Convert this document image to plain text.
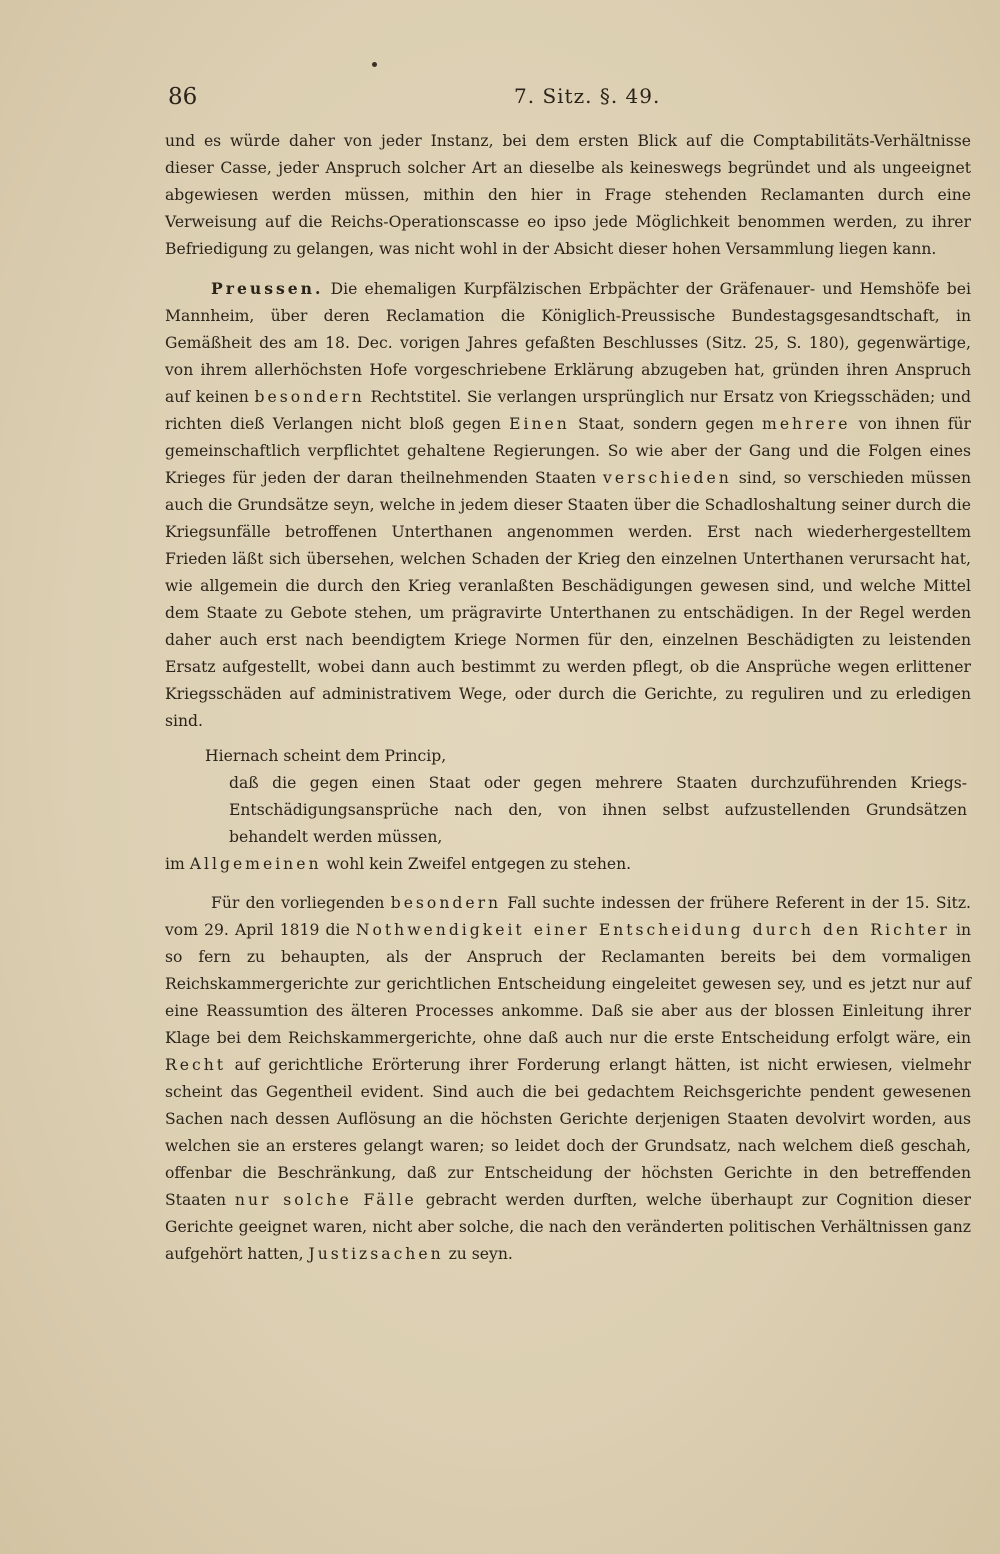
86	7. Sitz. §. 49.

und es würde daher von jeder Instanz, bei dem ersten Blick auf die Comptabilitäts-Verhältnisse dieser Casse, jeder Anspruch solcher Art an dieselbe als keineswegs begründet und als ungeeignet abgewiesen werden müssen, mithin den hier in Frage stehenden Reclamanten durch eine Verweisung auf die Reichs-Operationscasse eo ipso jede Möglichkeit benommen werden, zu ihrer Befriedigung zu gelangen, was nicht wohl in der Absicht dieser hohen Versammlung liegen kann.

Preussen. Die ehemaligen Kurpfälzischen Erbpächter der Gräfenauer- und Hemshöfe bei Mannheim, über deren Reclamation die Königlich-Preussische Bundestagsgesandtschaft, in Gemäßheit des am 18. Dec. vorigen Jahres gefaßten Beschlusses (Sitz. 25, S. 180), gegenwärtige, von ihrem allerhöchsten Hofe vorgeschriebene Erklärung abzugeben hat, gründen ihren Anspruch auf keinen besondern Rechtstitel. Sie verlangen ursprünglich nur Ersatz von Kriegsschäden; und richten dieß Verlangen nicht bloß gegen Einen Staat, sondern gegen mehrere von ihnen für gemeinschaftlich verpflichtet gehaltene Regierungen. So wie aber der Gang und die Folgen eines Krieges für jeden der daran theilnehmenden Staaten verschieden sind, so verschieden müssen auch die Grundsätze seyn, welche in jedem dieser Staaten über die Schadloshaltung seiner durch die Kriegsunfälle betroffenen Unterthanen angenommen werden. Erst nach wiederhergestelltem Frieden läßt sich übersehen, welchen Schaden der Krieg den einzelnen Unterthanen verursacht hat, wie allgemein die durch den Krieg veranlaßten Beschädigungen gewesen sind, und welche Mittel dem Staate zu Gebote stehen, um prägravirte Unterthanen zu entschädigen. In der Regel werden daher auch erst nach beendigtem Kriege Normen für den, einzelnen Beschädigten zu leistenden Ersatz aufgestellt, wobei dann auch bestimmt zu werden pflegt, ob die Ansprüche wegen erlittener Kriegsschäden auf administrativem Wege, oder durch die Gerichte, zu reguliren und zu erledigen sind.

Hiernach scheint dem Princip,

daß die gegen einen Staat oder gegen mehrere Staaten durchzuführenden Kriegs-Entschädigungsansprüche nach den, von ihnen selbst aufzustellenden Grundsätzen behandelt werden müssen,

im Allgemeinen wohl kein Zweifel entgegen zu stehen.

Für den vorliegenden besondern Fall suchte indessen der frühere Referent in der 15. Sitz. vom 29. April 1819 die Nothwendigkeit einer Entscheidung durch den Richter in so fern zu behaupten, als der Anspruch der Reclamanten bereits bei dem vormaligen Reichskammergerichte zur gerichtlichen Entscheidung eingeleitet gewesen sey, und es jetzt nur auf eine Reassumtion des älteren Processes ankomme. Daß sie aber aus der blossen Einleitung ihrer Klage bei dem Reichskammergerichte, ohne daß auch nur die erste Entscheidung erfolgt wäre, ein Recht auf gerichtliche Erörterung ihrer Forderung erlangt hätten, ist nicht erwiesen, vielmehr scheint das Gegentheil evident. Sind auch die bei gedachtem Reichsgerichte pendent gewesenen Sachen nach dessen Auflösung an die höchsten Gerichte derjenigen Staaten devolvirt worden, aus welchen sie an ersteres gelangt waren; so leidet doch der Grundsatz, nach welchem dieß geschah, offenbar die Beschränkung, daß zur Entscheidung der höchsten Gerichte in den betreffenden Staaten nur solche Fälle gebracht werden durften, welche überhaupt zur Cognition dieser Gerichte geeignet waren, nicht aber solche, die nach den veränderten politischen Verhältnissen ganz aufgehört hatten, Justizsachen zu seyn.
